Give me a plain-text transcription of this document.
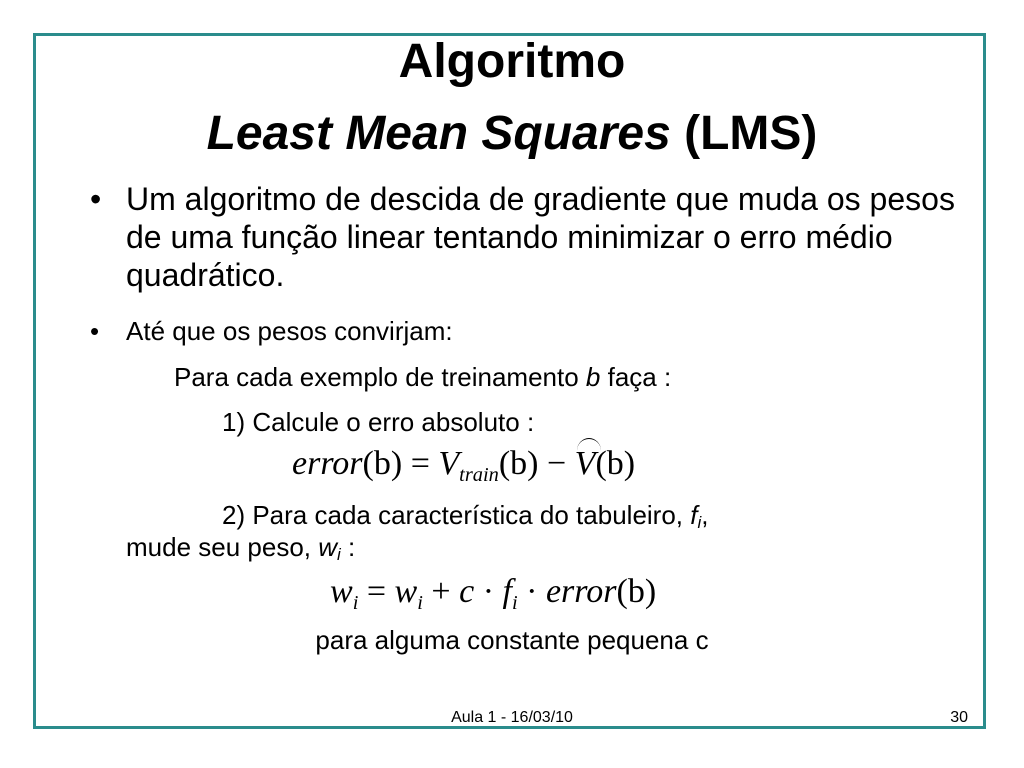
Algoritmo
Least Mean Squares (LMS)
• Um algoritmo de descida de gradiente que muda os pesos de uma função linear tentando minimizar o erro médio quadrático.
• Até que os pesos convirjam:
Para cada exemplo de treinamento b faça :
1) Calcule o erro absoluto :
error(b) = $V_{train}(b) - V(b)$
2) Para cada característica do tabuleiro, $f_i$,
mude seu peso, $w_i$ :
$w_i = w_i + c \cdot f_i$ · error(b)
para alguma constante pequena c
Aula 1 - 16/03/10	30
